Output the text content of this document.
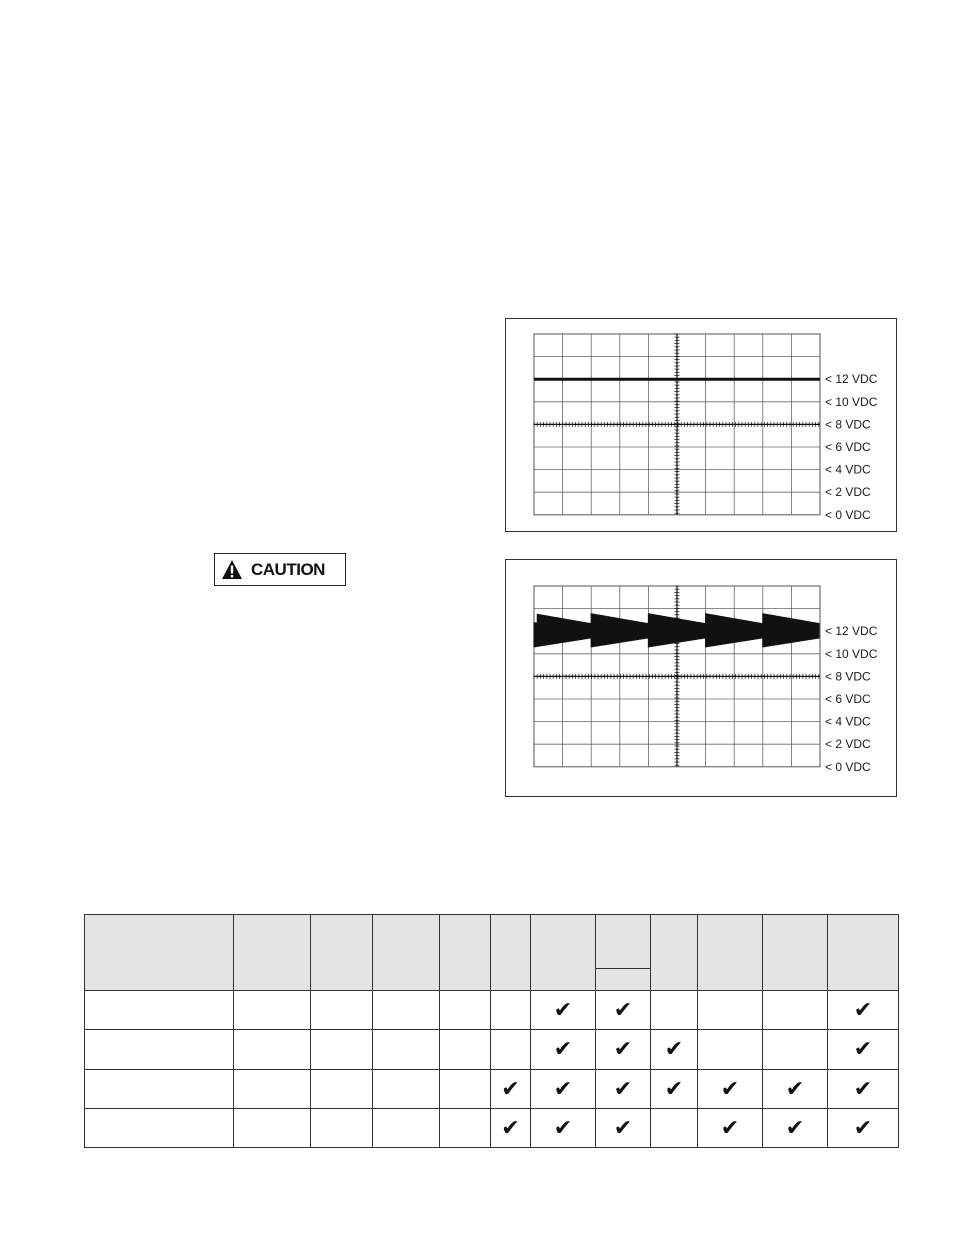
< 12 VDC
< 10 VDC
< 8 VDC
< 6 VDC
< 4 VDC
< 2 VDC
< 0 VDC
< 12 VDC
< 10 VDC
< 8 VDC
< 6 VDC
< 4 VDC
< 2 VDC
< 0 VDC
CAUTION

						✔	✔				✔
						✔	✔	✔			✔
					✔	✔	✔	✔	✔	✔	✔
					✔	✔	✔		✔	✔	✔
